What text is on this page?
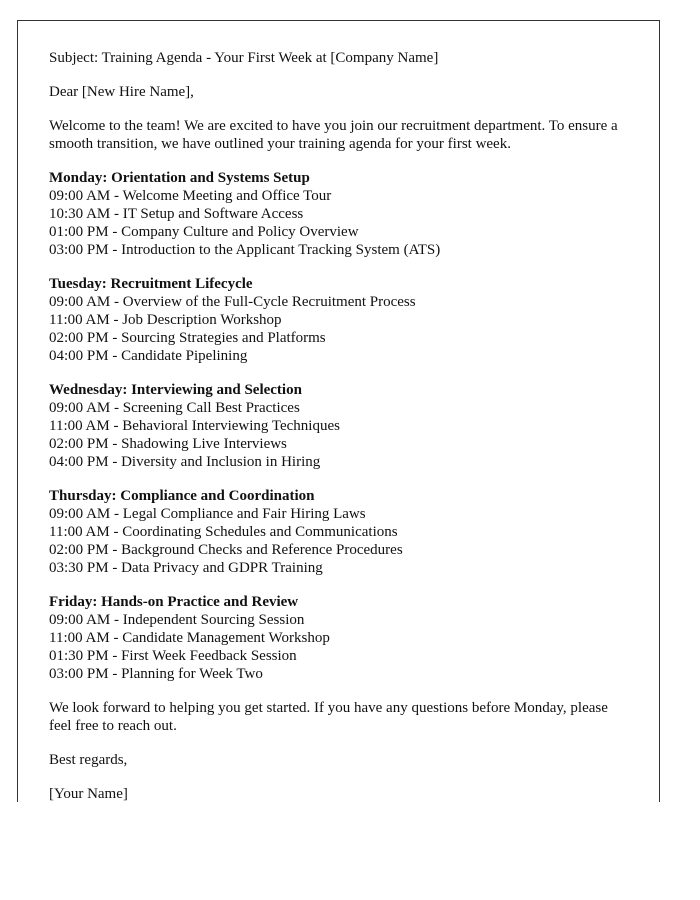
Subject: Training Agenda - Your First Week at [Company Name]

Dear [New Hire Name],

Welcome to the team! We are excited to have you join our recruitment department. To ensure a smooth transition, we have outlined your training agenda for your first week.

Monday: Orientation and Systems Setup
09:00 AM - Welcome Meeting and Office Tour
10:30 AM - IT Setup and Software Access
01:00 PM - Company Culture and Policy Overview
03:00 PM - Introduction to the Applicant Tracking System (ATS)
Tuesday: Recruitment Lifecycle
09:00 AM - Overview of the Full-Cycle Recruitment Process
11:00 AM - Job Description Workshop
02:00 PM - Sourcing Strategies and Platforms
04:00 PM - Candidate Pipelining
Wednesday: Interviewing and Selection
09:00 AM - Screening Call Best Practices
11:00 AM - Behavioral Interviewing Techniques
02:00 PM - Shadowing Live Interviews
04:00 PM - Diversity and Inclusion in Hiring
Thursday: Compliance and Coordination
09:00 AM - Legal Compliance and Fair Hiring Laws
11:00 AM - Coordinating Schedules and Communications
02:00 PM - Background Checks and Reference Procedures
03:30 PM - Data Privacy and GDPR Training
Friday: Hands-on Practice and Review
09:00 AM - Independent Sourcing Session
11:00 AM - Candidate Management Workshop
01:30 PM - First Week Feedback Session
03:00 PM - Planning for Week Two

We look forward to helping you get started. If you have any questions before Monday, please feel free to reach out.

Best regards,

[Your Name]
